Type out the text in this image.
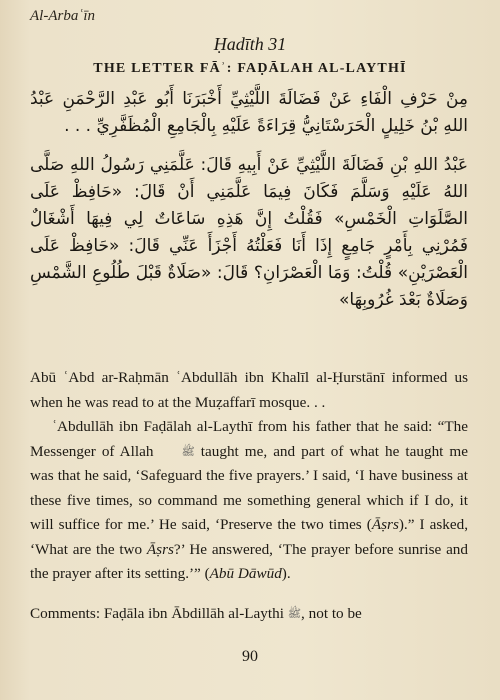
Al-Arbaʿīn
Ḥadīth 31
THE LETTER FĀʾ: FAḌĀLAH AL-LAYTHĪ

مِنْ حَرْفِ الْفَاءِ عَنْ فَضَالَةَ اللَّيْثِيِّ أَخْبَرَنَا أَبُو عَبْدِ الرَّحْمَنِ عَبْدُ اللهِ بْنُ خَلِيلٍ الْحَرَسْتَانِيُّ قِرَاءَةً عَلَيْهِ بِالْجَامِعِ الْمُظَفَّرِيِّ . . .

عَبْدُ اللهِ بْنِ فَضَالَةَ اللَّيْثِيِّ عَنْ أَبِيهِ قَالَ: عَلَّمَنِي رَسُولُ اللهِ صَلَّى اللهُ عَلَيْهِ وَسَلَّمَ فَكَانَ فِيمَا عَلَّمَنِي أَنْ قَالَ: «حَافِظْ عَلَى الصَّلَوَاتِ الْخَمْسِ» فَقُلْتُ إِنَّ هَذِهِ سَاعَاتٌ لِي فِيهَا أَشْغَالٌ فَمُرْنِي بِأَمْرٍ جَامِعٍ إِذَا أَنَا فَعَلْتُهُ أَجْزَأَ عَنِّي قَالَ: «حَافِظْ عَلَى الْعَصْرَيْنِ» قُلْتُ: وَمَا الْعَصْرَانِ؟ قَالَ: «صَلَاةٌ قَبْلَ طُلُوعِ الشَّمْسِ وَصَلَاةٌ بَعْدَ غُرُوبِهَا»

Abū ʿAbd ar-Raḥmān ʿAbdullāh ibn Khalīl al-Ḥurstānī informed us when he was read to at the Muẓaffarī mosque. . .

ʿAbdullāh ibn Faḍālah al-Laythī from his father that he said: “The Messenger of Allah ﷺ taught me, and part of what he taught me was that he said, ‘Safeguard the five prayers.’ I said, ‘I have business at these five times, so command me something general which if I do, it will suffice for me.’ He said, ‘Preserve the two times (Āṣrs).” I asked, ‘What are the two Āṣrs?’ He answered, ‘The prayer before sunrise and the prayer after its setting.’” (Abū Dāwūd).

Comments: Faḍāla ibn Ābdillāh al-Laythi ﷺ, not to be

90
